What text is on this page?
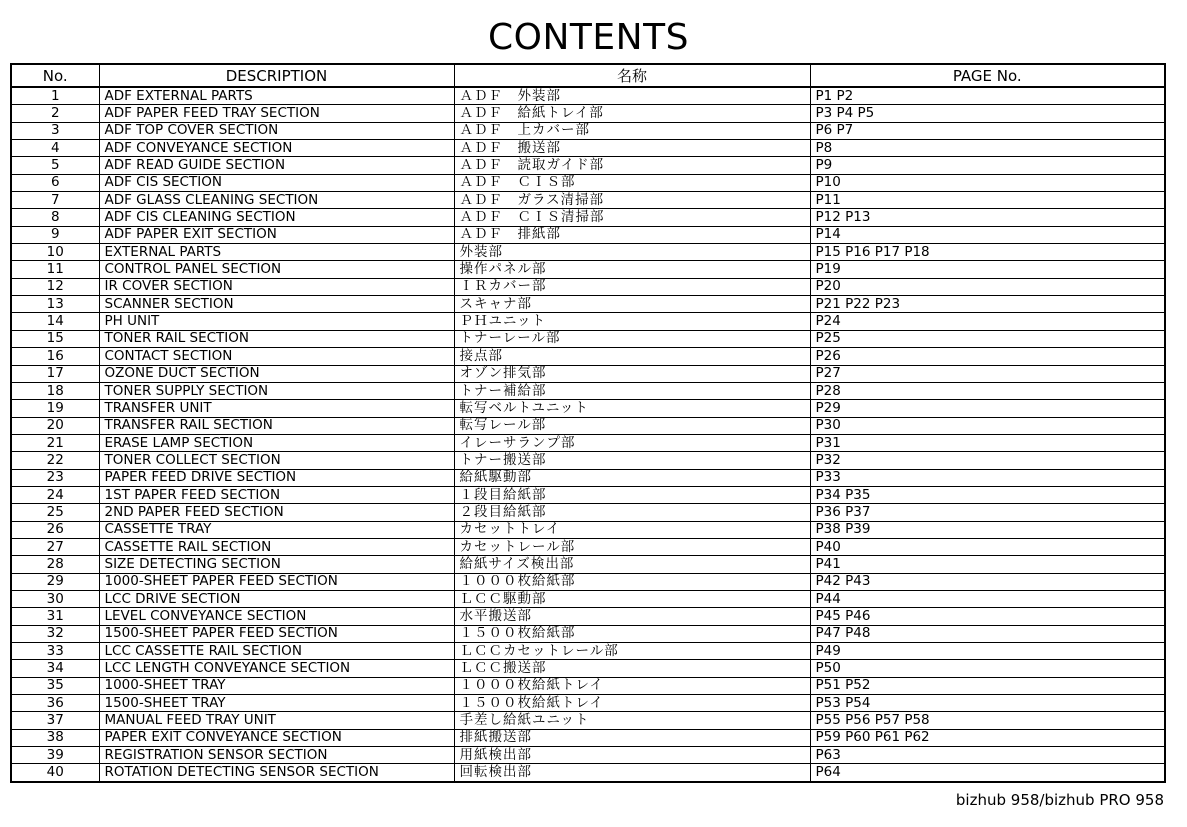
CONTENTS
No.	DESCRIPTION	名称	PAGE No.
1	ADF EXTERNAL PARTS	ＡＤＦ　外装部	P1 P2
2	ADF PAPER FEED TRAY SECTION	ＡＤＦ　給紙トレイ部	P3 P4 P5
3	ADF TOP COVER SECTION	ＡＤＦ　上カバー部	P6 P7
4	ADF CONVEYANCE SECTION	ＡＤＦ　搬送部	P8
5	ADF READ GUIDE SECTION	ＡＤＦ　読取ガイド部	P9
6	ADF CIS SECTION	ＡＤＦ　ＣＩＳ部	P10
7	ADF GLASS CLEANING SECTION	ＡＤＦ　ガラス清掃部	P11
8	ADF CIS CLEANING SECTION	ＡＤＦ　ＣＩＳ清掃部	P12 P13
9	ADF PAPER EXIT SECTION	ＡＤＦ　排紙部	P14
10	EXTERNAL PARTS	外装部	P15 P16 P17 P18
11	CONTROL PANEL SECTION	操作パネル部	P19
12	IR COVER SECTION	ＩＲカバー部	P20
13	SCANNER SECTION	スキャナ部	P21 P22 P23
14	PH UNIT	ＰＨユニット	P24
15	TONER RAIL SECTION	トナーレール部	P25
16	CONTACT SECTION	接点部	P26
17	OZONE DUCT SECTION	オゾン排気部	P27
18	TONER SUPPLY SECTION	トナー補給部	P28
19	TRANSFER UNIT	転写ベルトユニット	P29
20	TRANSFER RAIL SECTION	転写レール部	P30
21	ERASE LAMP SECTION	イレーサランプ部	P31
22	TONER COLLECT SECTION	トナー搬送部	P32
23	PAPER FEED DRIVE SECTION	給紙駆動部	P33
24	1ST PAPER FEED SECTION	１段目給紙部	P34 P35
25	2ND PAPER FEED SECTION	２段目給紙部	P36 P37
26	CASSETTE TRAY	カセットトレイ	P38 P39
27	CASSETTE RAIL SECTION	カセットレール部	P40
28	SIZE DETECTING SECTION	給紙サイズ検出部	P41
29	1000-SHEET PAPER FEED SECTION	１０００枚給紙部	P42 P43
30	LCC DRIVE SECTION	ＬＣＣ駆動部	P44
31	LEVEL CONVEYANCE SECTION	水平搬送部	P45 P46
32	1500-SHEET PAPER FEED SECTION	１５００枚給紙部	P47 P48
33	LCC CASSETTE RAIL SECTION	ＬＣＣカセットレール部	P49
34	LCC LENGTH CONVEYANCE SECTION	ＬＣＣ搬送部	P50
35	1000-SHEET TRAY	１０００枚給紙トレイ	P51 P52
36	1500-SHEET TRAY	１５００枚給紙トレイ	P53 P54
37	MANUAL FEED TRAY UNIT	手差し給紙ユニット	P55 P56 P57 P58
38	PAPER EXIT CONVEYANCE SECTION	排紙搬送部	P59 P60 P61 P62
39	REGISTRATION SENSOR SECTION	用紙検出部	P63
40	ROTATION DETECTING SENSOR SECTION	回転検出部	P64
bizhub 958/bizhub PRO 958
